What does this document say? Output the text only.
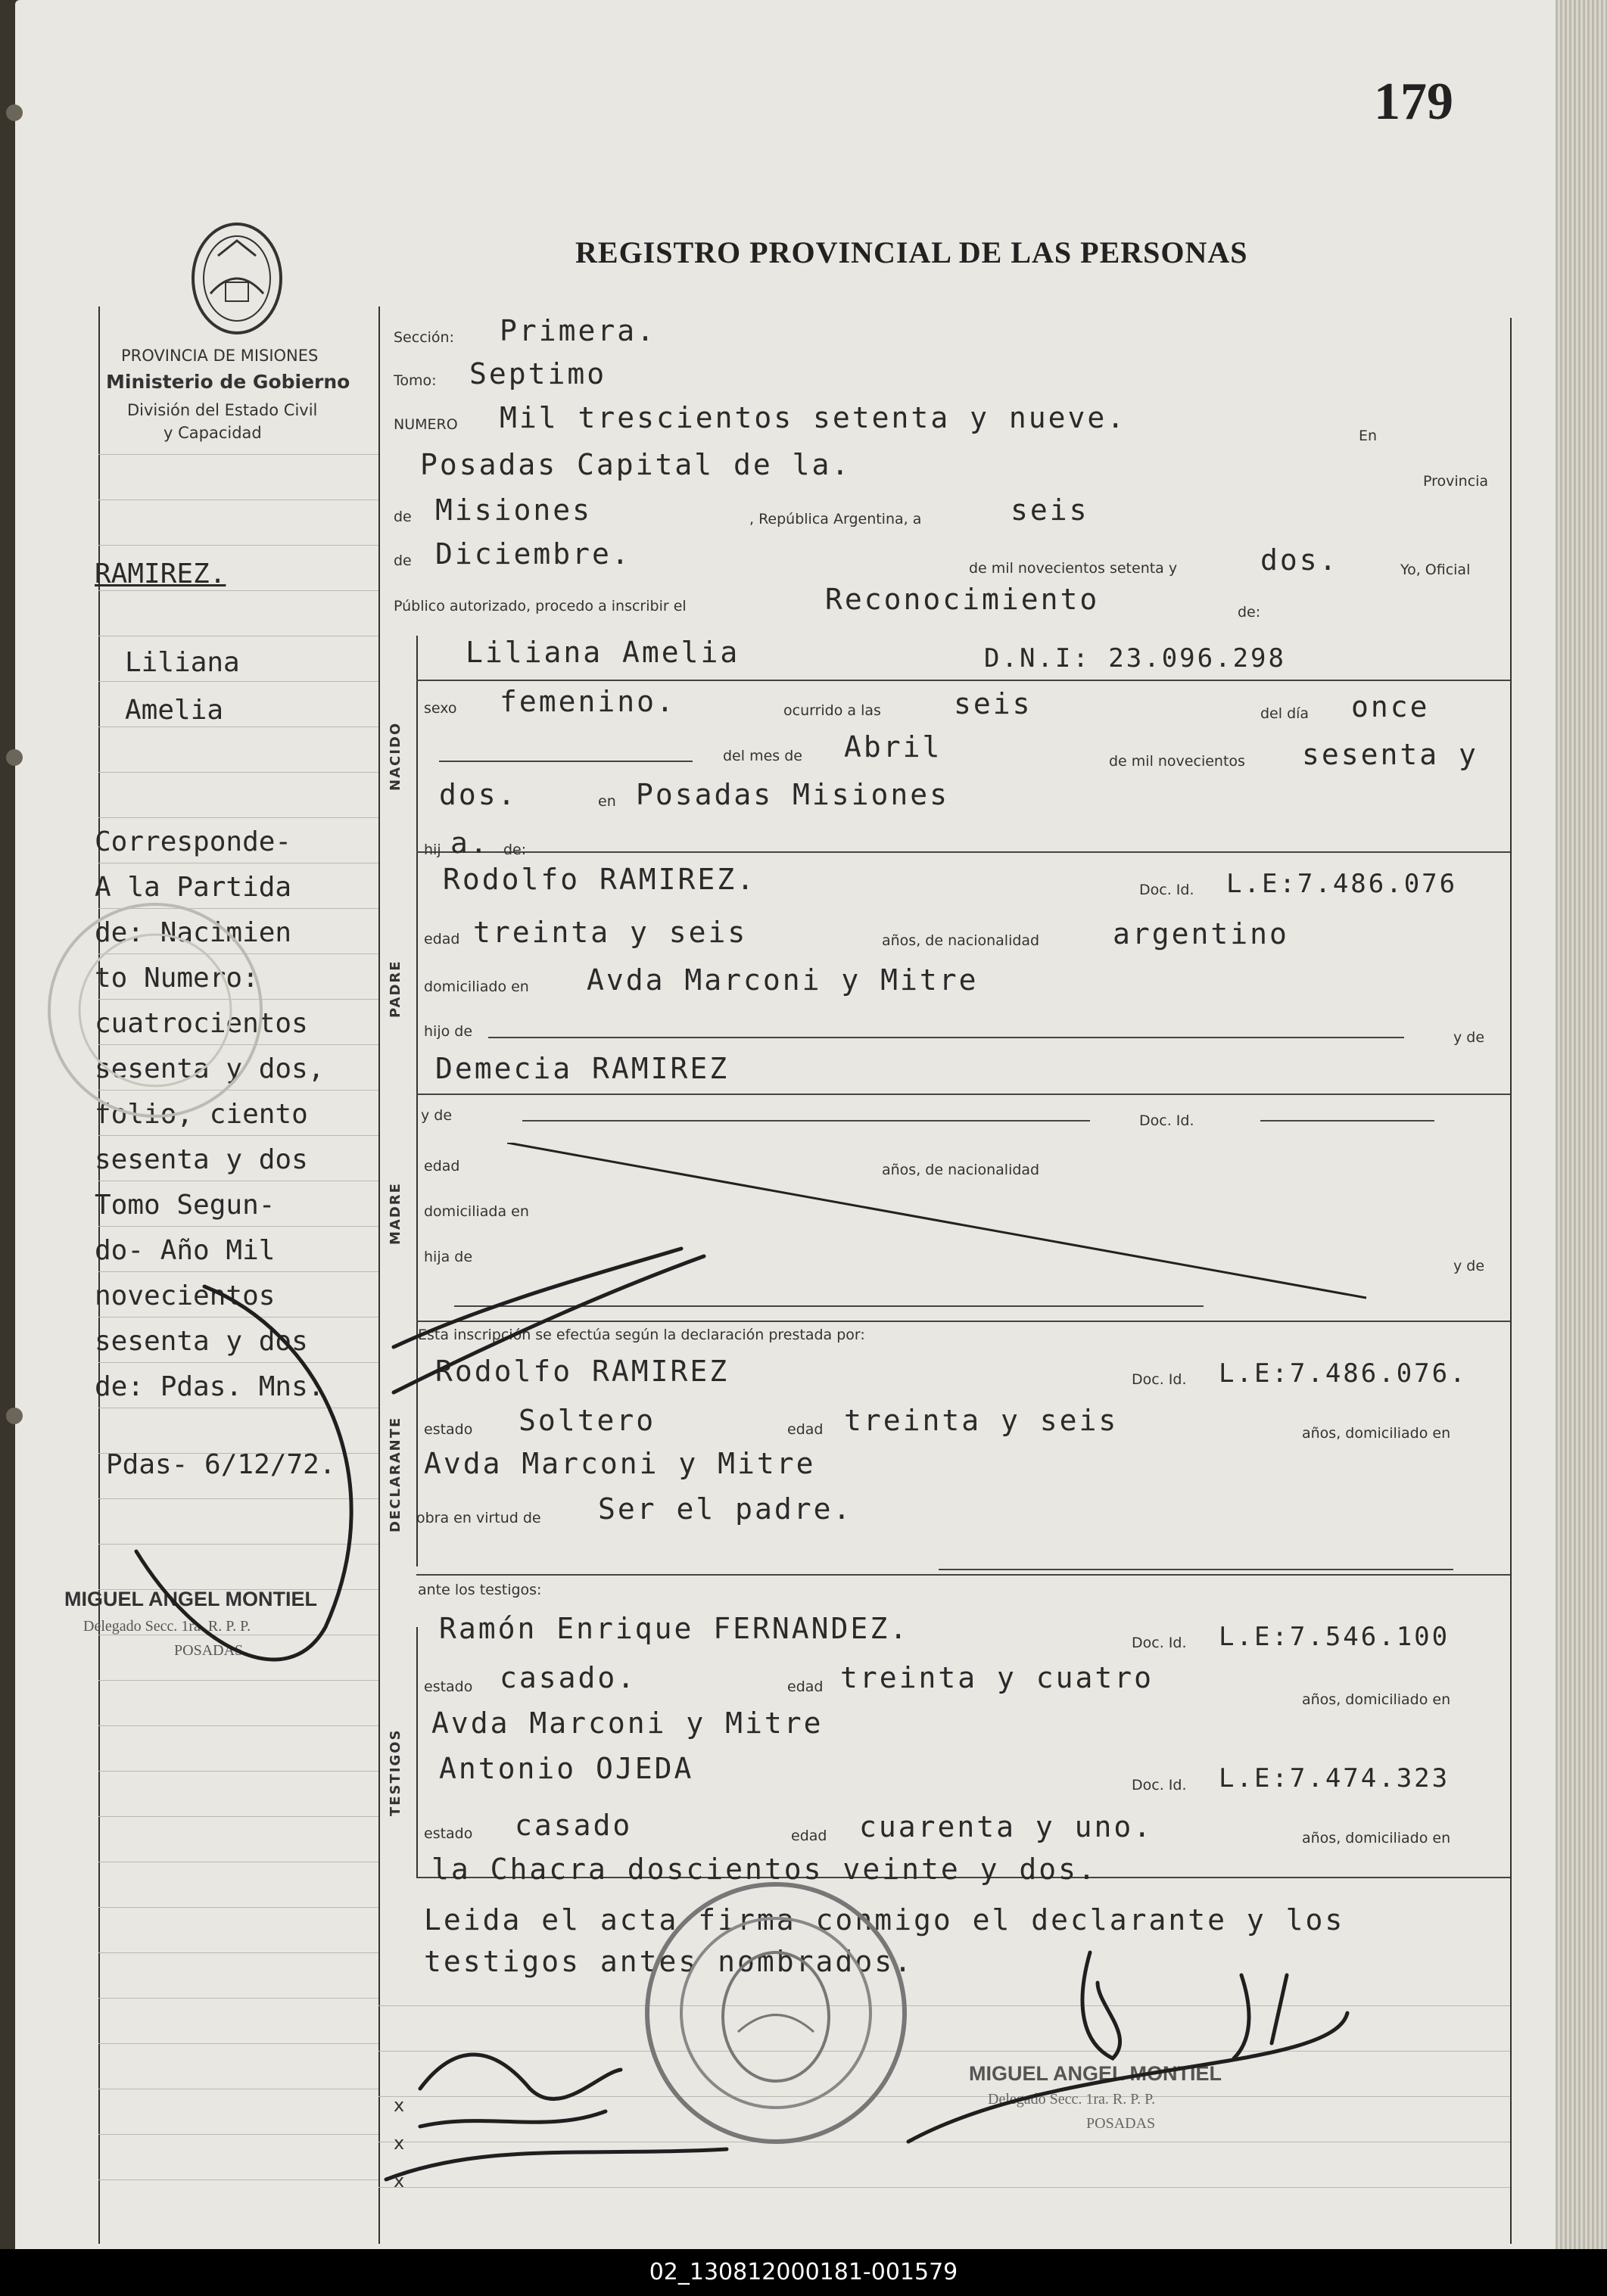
179
REGISTRO PROVINCIAL DE LAS PERSONAS
PROVINCIA DE MISIONES
Ministerio de Gobierno
División del Estado Civil
y Capacidad
NACIDO
PADRE
MADRE
DECLARANTE
TESTIGOS
Sección: Primera.
Tomo: Septimo
NUMERO Mil trescientos setenta y nueve.
En
Posadas Capital de la.	Provincia
de Misiones	, República Argentina, a	seis
de Diciembre.	de mil novecientos setenta y	dos.	Yo, Oficial
Público autorizado, procedo a inscribir el	Reconocimiento	de:
Liliana Amelia	D.N.I: 23.096.298
sexo femenino.	ocurrido a las	seis	del día once
del mes de Abril	de mil novecientos sesenta y
dos.	en Posadas Misiones
hij a. de:
Rodolfo RAMIREZ.	Doc. Id. L.E:7.486.076
edad treinta y seis	años, de nacionalidad	argentino
domiciliado en Avda Marconi y Mitre
hijo de	y de
Demecia RAMIREZ
y de	Doc. Id.
edad	años, de nacionalidad
domiciliada en
hija de
y de
Esta inscripción se efectúa según la declaración prestada por:
Rodolfo RAMIREZ	Doc. Id. L.E:7.486.076.
estado Soltero	edad treinta y seis	años, domiciliado en
Avda Marconi y Mitre
obra en virtud de Ser el padre.
ante los testigos:
Ramón Enrique FERNANDEZ.	Doc. Id. L.E:7.546.100
estado casado.	edad treinta y cuatro
años, domiciliado en
Avda Marconi y Mitre
Antonio OJEDA	Doc. Id. L.E:7.474.323
estado casado	edad cuarenta y uno.	años, domiciliado en
la Chacra doscientos veinte y dos.
Leida el acta firma conmigo el declarante y los
testigos antes nombrados.
RAMIREZ.
Liliana
Amelia
Corresponde-
A la Partida
de: Nacimien
to Numero:
cuatrocientos
sesenta y dos,
folio, ciento
sesenta y dos
Tomo Segun-
do- Año Mil
novecientos
sesenta y dos
de: Pdas. Mns.
Pdas- 6/12/72.
MIGUEL ANGEL MONTIEL
Delegado Secc. 1ra. R. P. P.
POSADAS
MIGUEL ANGEL MONTIEL
Delegado Secc. 1ra. R. P. P.
POSADAS
x
x
x
02_130812000181-001579
